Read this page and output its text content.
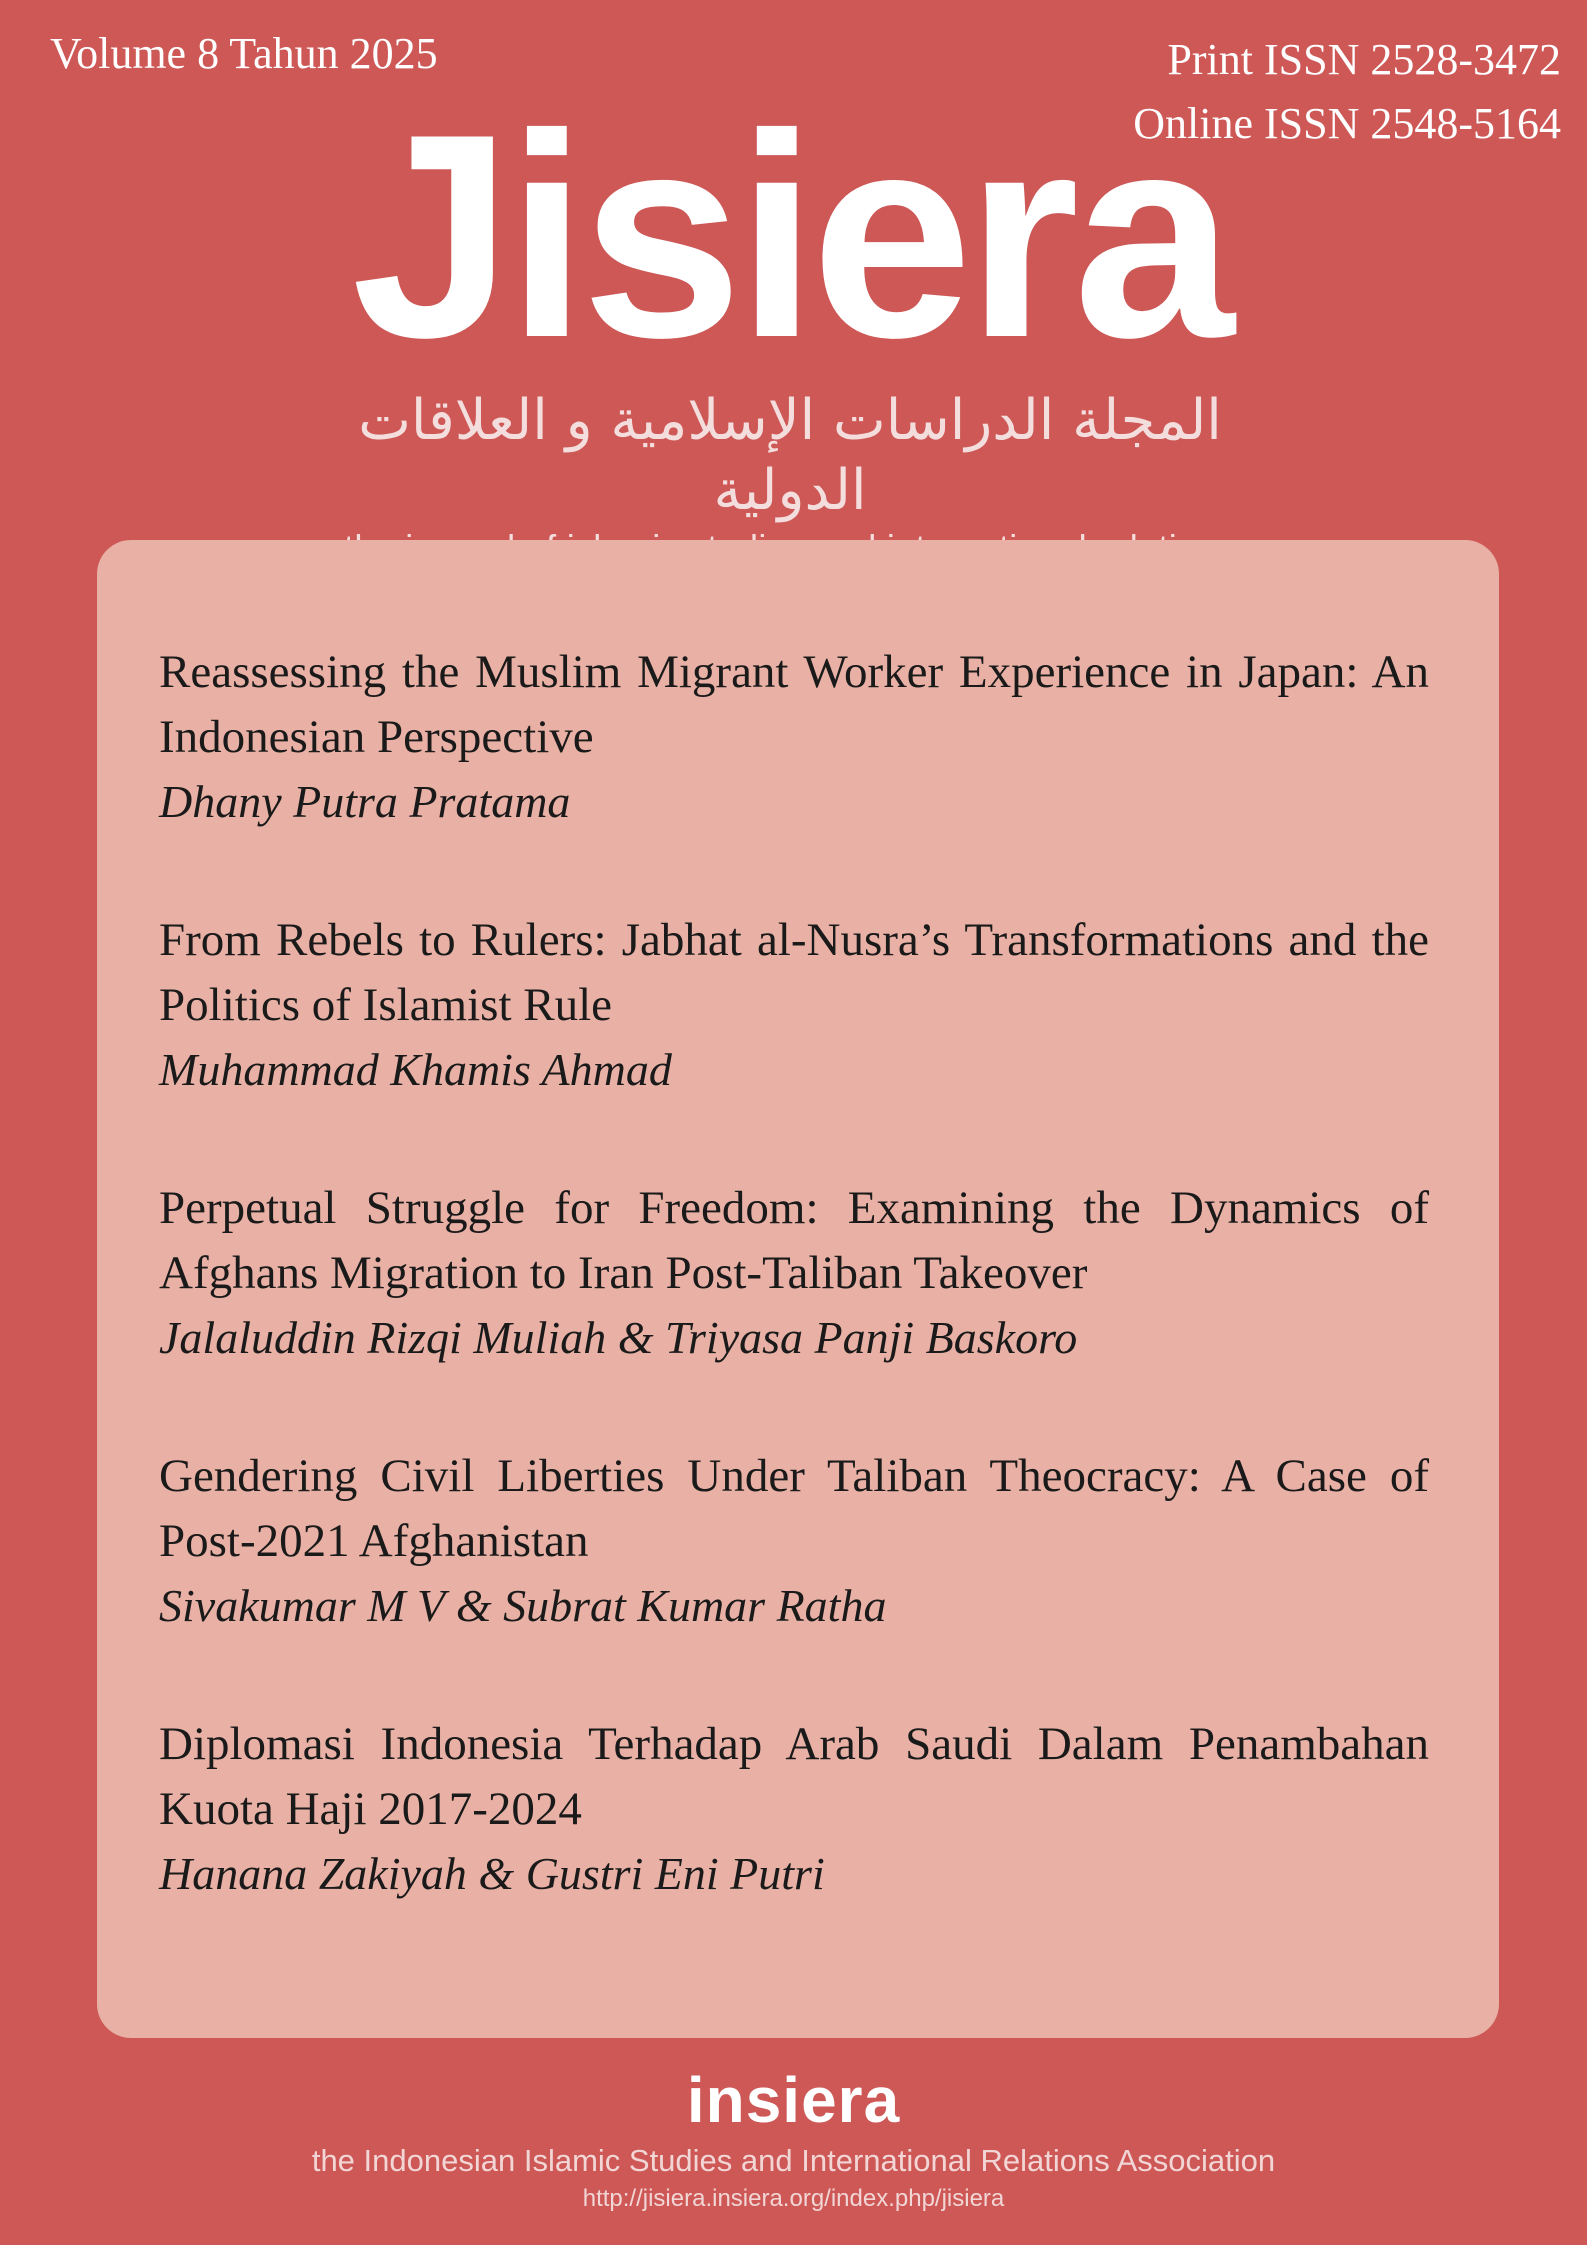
Volume 8 Tahun 2025	Print ISSN 2528-3472
Online ISSN 2548-5164
Jisiera
المجلة الدراسات الإسلامية و العلاقات الدولية

Reassessing the Muslim Migrant Worker Experience in Japan: An Indonesian Perspective

Dhany Putra Pratama

From Rebels to Rulers: Jabhat al-Nusra’s Transformations and the Politics of Islamist Rule

Muhammad Khamis Ahmad

Perpetual Struggle for Freedom: Examining the Dynamics of Afghans Migration to Iran Post-Taliban Takeover

Jalaluddin Rizqi Muliah & Triyasa Panji Baskoro

Gendering Civil Liberties Under Taliban Theocracy: A Case of Post-2021 Afghanistan

Sivakumar M V & Subrat Kumar Ratha

Diplomasi Indonesia Terhadap Arab Saudi Dalam Penambahan Kuota Haji 2017-2024

Hanana Zakiyah & Gustri Eni Putri

insiera
the Indonesian Islamic Studies and International Relations Association
http://jisiera.insiera.org/index.php/jisiera
